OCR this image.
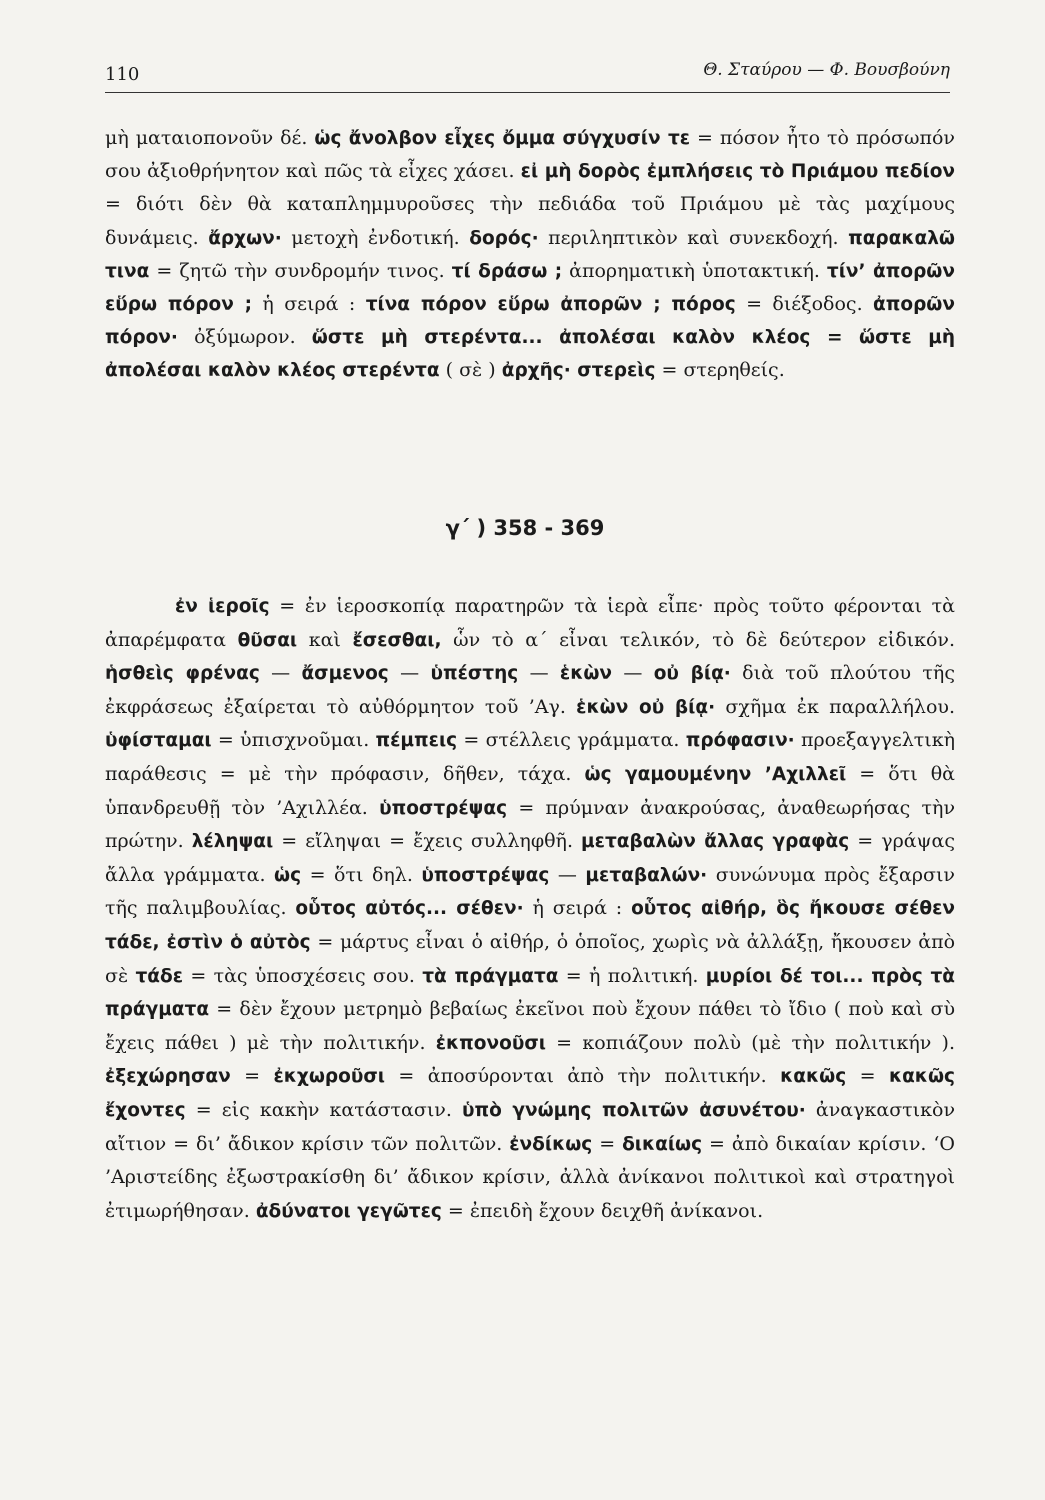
110	Θ. Σταύρου — Φ. Βουσβούνη

μὴ ματαιοπονοῦν δέ. ὡς ἄνολβον εἶχες ὄμμα σύγχυσίν τε = πόσον ἦτο τὸ πρόσωπόν σου ἀξιοθρήνητον καὶ πῶς τὰ εἶχες χάσει. εἰ μὴ δορὸς ἐμπλήσεις τὸ Πριάμου πεδίον = διότι δὲν θὰ καταπλημμυροῦσες τὴν πεδιάδα τοῦ Πριάμου μὲ τὰς μαχίμους δυνάμεις. ἄρχων· μετοχὴ ἐνδοτική. δορός· περιληπτικὸν καὶ συνεκδοχή. παρακαλῶ τινα = ζητῶ τὴν συνδρομήν τινος. τί δράσω ; ἀπορηματικὴ ὑποτακτική. τίν’ ἀπορῶν εὕρω πόρον ; ἡ σειρά : τίνα πόρον εὕρω ἀπορῶν ; πόρος = διέξοδος. ἀπορῶν πόρον· ὀξύμωρον. ὥστε μὴ στερέντα... ἀπολέσαι καλὸν κλέος = ὥστε μὴ ἀπολέσαι καλὸν κλέος στερέντα ( σὲ ) ἀρχῆς· στερεὶς = στερηθείς.

γ΄ ) 358 - 369

ἐν ἱεροῖς = ἐν ἱεροσκοπίᾳ παρατηρῶν τὰ ἱερὰ εἶπε· πρὸς τοῦτο φέρονται τὰ ἀπαρέμφατα θῦσαι καὶ ἔσεσθαι, ὧν τὸ α΄ εἶναι τελικόν, τὸ δὲ δεύτερον εἰδικόν. ἡσθεὶς φρένας — ἄσμενος — ὑπέστης — ἑκὼν — οὐ βίᾳ· διὰ τοῦ πλούτου τῆς ἐκφράσεως ἐξαίρεται τὸ αὐθόρμητον τοῦ ’Αγ. ἑκὼν οὐ βίᾳ· σχῆμα ἐκ παραλλήλου. ὑφίσταμαι = ὑπισχνοῦμαι. πέμπεις = στέλλεις γράμματα. πρόφασιν· προεξαγγελτικὴ παράθεσις = μὲ τὴν πρόφασιν, δῆθεν, τάχα. ὡς γαμουμένην ’Αχιλλεῖ = ὅτι θὰ ὑπανδρευθῇ τὸν ’Αχιλλέα. ὑποστρέψας = πρύμναν ἀνακρούσας, ἀναθεωρήσας τὴν πρώτην. λέληψαι = εἴληψαι = ἔχεις συλληφθῆ. μεταβαλὼν ἄλλας γραφὰς = γράψας ἄλλα γράμματα. ὡς = ὅτι δηλ. ὑποστρέψας — μεταβαλών· συνώνυμα πρὸς ἔξαρσιν τῆς παλιμβουλίας. οὗτος αὐτός... σέθεν· ἡ σειρά : οὗτος αἰθήρ, ὃς ἤκουσε σέθεν τάδε, ἐστὶν ὁ αὐτὸς = μάρτυς εἶναι ὁ αἰθήρ, ὁ ὁποῖος, χωρὶς νὰ ἀλλάξῃ, ἤκουσεν ἀπὸ σὲ τάδε = τὰς ὑποσχέσεις σου. τὰ πράγματα = ἡ πολιτική. μυρίοι δέ τοι... πρὸς τὰ πράγματα = δὲν ἔχουν μετρημὸ βεβαίως ἐκεῖνοι ποὺ ἔχουν πάθει τὸ ἴδιο ( ποὺ καὶ σὺ ἔχεις πάθει ) μὲ τὴν πολιτικήν. ἐκπονοῦσι = κοπιάζουν πολὺ (μὲ τὴν πολιτικήν ). ἐξεχώρησαν = ἐκχωροῦσι = ἀποσύρονται ἀπὸ τὴν πολιτικήν. κακῶς = κακῶς ἔχοντες = εἰς κακὴν κατάστασιν. ὑπὸ γνώμης πολιτῶν ἀσυνέτου· ἀναγκαστικὸν αἴτιον = δι’ ἄδικον κρίσιν τῶν πολιτῶν. ἐνδίκως = δικαίως = ἀπὸ δικαίαν κρίσιν. ‘Ο ’Αριστείδης ἐξωστρακίσθη δι’ ἄδικον κρίσιν, ἀλλὰ ἀνίκανοι πολιτικοὶ καὶ στρατηγοὶ ἐτιμωρήθησαν. ἀδύνατοι γεγῶτες = ἐπειδὴ ἔχουν δειχθῆ ἀνίκανοι.
